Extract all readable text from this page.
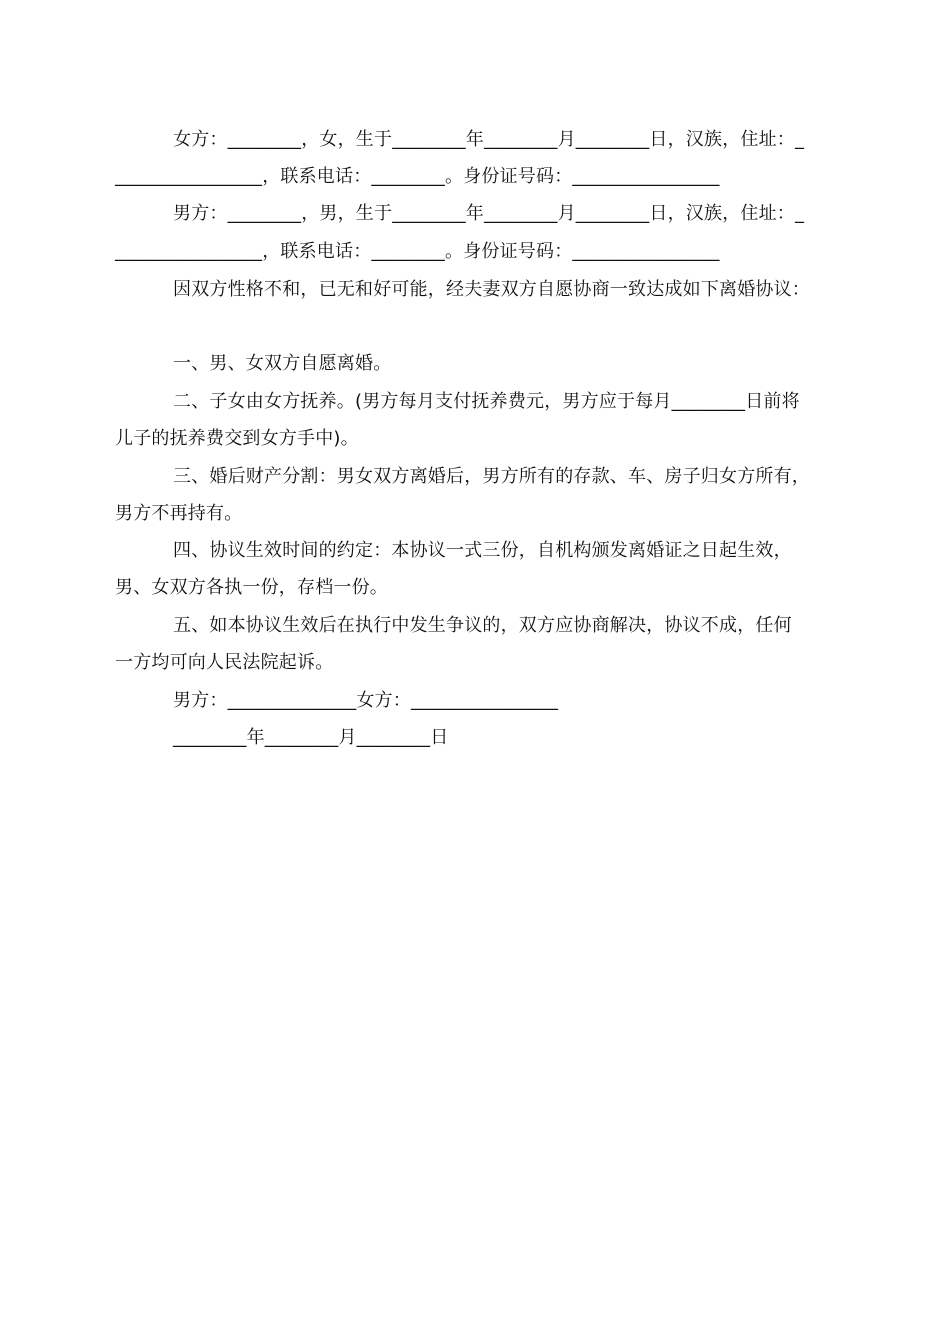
女方：________，女，生于________年________月________日，汉族，住址：_
________________，联系电话：________。身份证号码：________________
男方：________，男，生于________年________月________日，汉族，住址：_
________________，联系电话：________。身份证号码：________________
因双方性格不和，已无和好可能，经夫妻双方自愿协商一致达成如下离婚协议：
一、男、女双方自愿离婚。
二、子女由女方抚养。(男方每月支付抚养费元，男方应于每月________日前将
儿子的抚养费交到女方手中)。
三、婚后财产分割：男女双方离婚后，男方所有的存款、车、房子归女方所有，
男方不再持有。
四、协议生效时间的约定：本协议一式三份，自机构颁发离婚证之日起生效，
男、女双方各执一份，存档一份。
五、如本协议生效后在执行中发生争议的，双方应协商解决，协议不成，任何
一方均可向人民法院起诉。
男方：______________女方：________________
________年________月________日
